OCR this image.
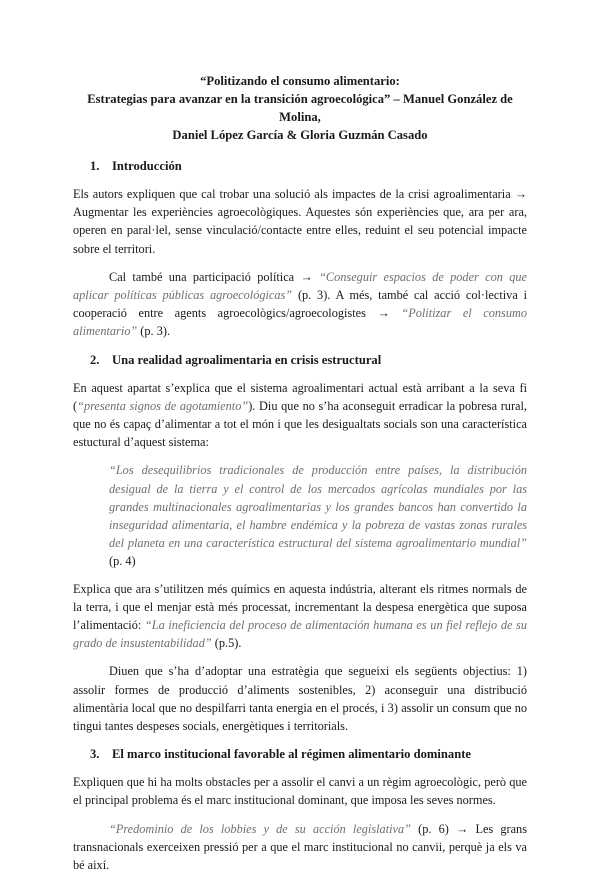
“Politizando el consumo alimentario:
Estrategias para avanzar en la transición agroecológica” – Manuel González de Molina,
Daniel López García & Gloria Guzmán Casado
1. Introducción

Els autors expliquen que cal trobar una solució als impactes de la crisi agroalimentaria → Augmentar les experiències agroecològiques. Aquestes són experiències que, ara per ara, operen en paral·lel, sense vinculació/contacte entre elles, reduint el seu potencial impacte sobre el territori.

Cal també una participació política → “Conseguir espacios de poder con que aplicar políticas públicas agroecológicas” (p. 3). A més, també cal acció col·lectiva i cooperació entre agents agroecològics/agroecologistes → “Politizar el consumo alimentario” (p. 3).

2. Una realidad agroalimentaria en crisis estructural

En aquest apartat s’explica que el sistema agroalimentari actual està arribant a la seva fi (“presenta signos de agotamiento”). Diu que no s’ha aconseguit erradicar la pobresa rural, que no és capaç d’alimentar a tot el món i que les desigualtats socials son una característica estuctural d’aquest sistema:

“Los desequilibrios tradicionales de producción entre países, la distribución desigual de la tierra y el control de los mercados agrícolas mundiales por las grandes multinacionales agroalimentarias y los grandes bancos han convertido la inseguridad alimentaria, el hambre endémica y la pobreza de vastas zonas rurales del planeta en una característica estructural del sistema agroalimentario mundial” (p. 4)

Explica que ara s’utilitzen més químics en aquesta indústria, alterant els ritmes normals de la terra, i que el menjar està més processat, incrementant la despesa energètica que suposa l’alimentació: “La ineficiencia del proceso de alimentación humana es un fiel reflejo de su grado de insustentabilidad” (p.5).

Diuen que s’ha d’adoptar una estratègia que segueixi els següents objectius: 1) assolir formes de producció d’aliments sostenibles, 2) aconseguir una distribució alimentària local que no despilfarri tanta energia en el procés, i 3) assolir un consum que no tingui tantes despeses socials, energètiques i territorials.

3. El marco institucional favorable al régimen alimentario dominante

Expliquen que hi ha molts obstacles per a assolir el canvi a un règim agroecològic, però que el principal problema és el marc institucional dominant, que imposa les seves normes.

“Predominio de los lobbies y de su acción legislativa” (p. 6) → Les grans transnacionals exerceixen pressió per a que el marc institucional no canvii, perquè ja els va bé així.
